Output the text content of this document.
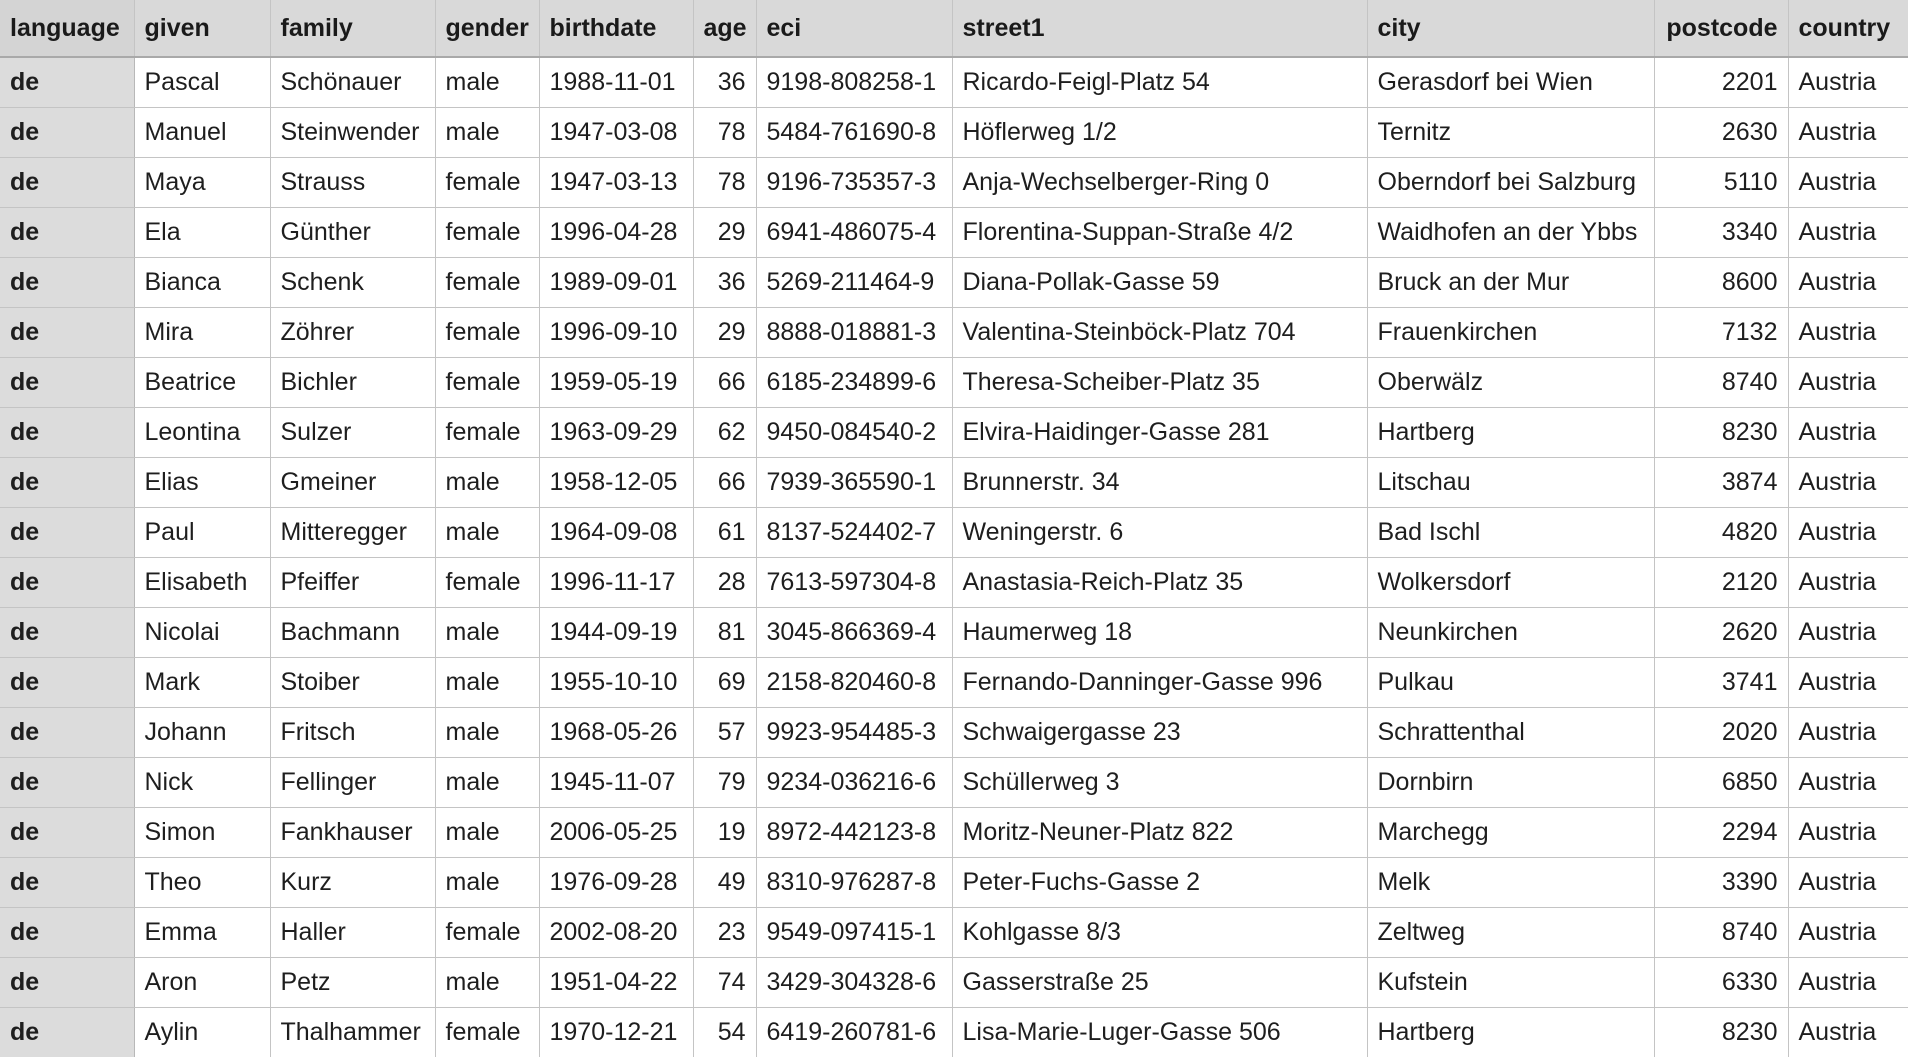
language	given	family	gender	birthdate	age	eci	street1	city	postcode	country
de	Pascal	Schönauer	male	1988-11-01	36	9198-808258-1	Ricardo-Feigl-Platz 54	Gerasdorf bei Wien	2201	Austria
de	Manuel	Steinwender	male	1947-03-08	78	5484-761690-8	Höflerweg 1/2	Ternitz	2630	Austria
de	Maya	Strauss	female	1947-03-13	78	9196-735357-3	Anja-Wechselberger-Ring 0	Oberndorf bei Salzburg	5110	Austria
de	Ela	Günther	female	1996-04-28	29	6941-486075-4	Florentina-Suppan-Straße 4/2	Waidhofen an der Ybbs	3340	Austria
de	Bianca	Schenk	female	1989-09-01	36	5269-211464-9	Diana-Pollak-Gasse 59	Bruck an der Mur	8600	Austria
de	Mira	Zöhrer	female	1996-09-10	29	8888-018881-3	Valentina-Steinböck-Platz 704	Frauenkirchen	7132	Austria
de	Beatrice	Bichler	female	1959-05-19	66	6185-234899-6	Theresa-Scheiber-Platz 35	Oberwälz	8740	Austria
de	Leontina	Sulzer	female	1963-09-29	62	9450-084540-2	Elvira-Haidinger-Gasse 281	Hartberg	8230	Austria
de	Elias	Gmeiner	male	1958-12-05	66	7939-365590-1	Brunnerstr. 34	Litschau	3874	Austria
de	Paul	Mitteregger	male	1964-09-08	61	8137-524402-7	Weningerstr. 6	Bad Ischl	4820	Austria
de	Elisabeth	Pfeiffer	female	1996-11-17	28	7613-597304-8	Anastasia-Reich-Platz 35	Wolkersdorf	2120	Austria
de	Nicolai	Bachmann	male	1944-09-19	81	3045-866369-4	Haumerweg 18	Neunkirchen	2620	Austria
de	Mark	Stoiber	male	1955-10-10	69	2158-820460-8	Fernando-Danninger-Gasse 996	Pulkau	3741	Austria
de	Johann	Fritsch	male	1968-05-26	57	9923-954485-3	Schwaigergasse 23	Schrattenthal	2020	Austria
de	Nick	Fellinger	male	1945-11-07	79	9234-036216-6	Schüllerweg 3	Dornbirn	6850	Austria
de	Simon	Fankhauser	male	2006-05-25	19	8972-442123-8	Moritz-Neuner-Platz 822	Marchegg	2294	Austria
de	Theo	Kurz	male	1976-09-28	49	8310-976287-8	Peter-Fuchs-Gasse 2	Melk	3390	Austria
de	Emma	Haller	female	2002-08-20	23	9549-097415-1	Kohlgasse 8/3	Zeltweg	8740	Austria
de	Aron	Petz	male	1951-04-22	74	3429-304328-6	Gasserstraße 25	Kufstein	6330	Austria
de	Aylin	Thalhammer	female	1970-12-21	54	6419-260781-6	Lisa-Marie-Luger-Gasse 506	Hartberg	8230	Austria
